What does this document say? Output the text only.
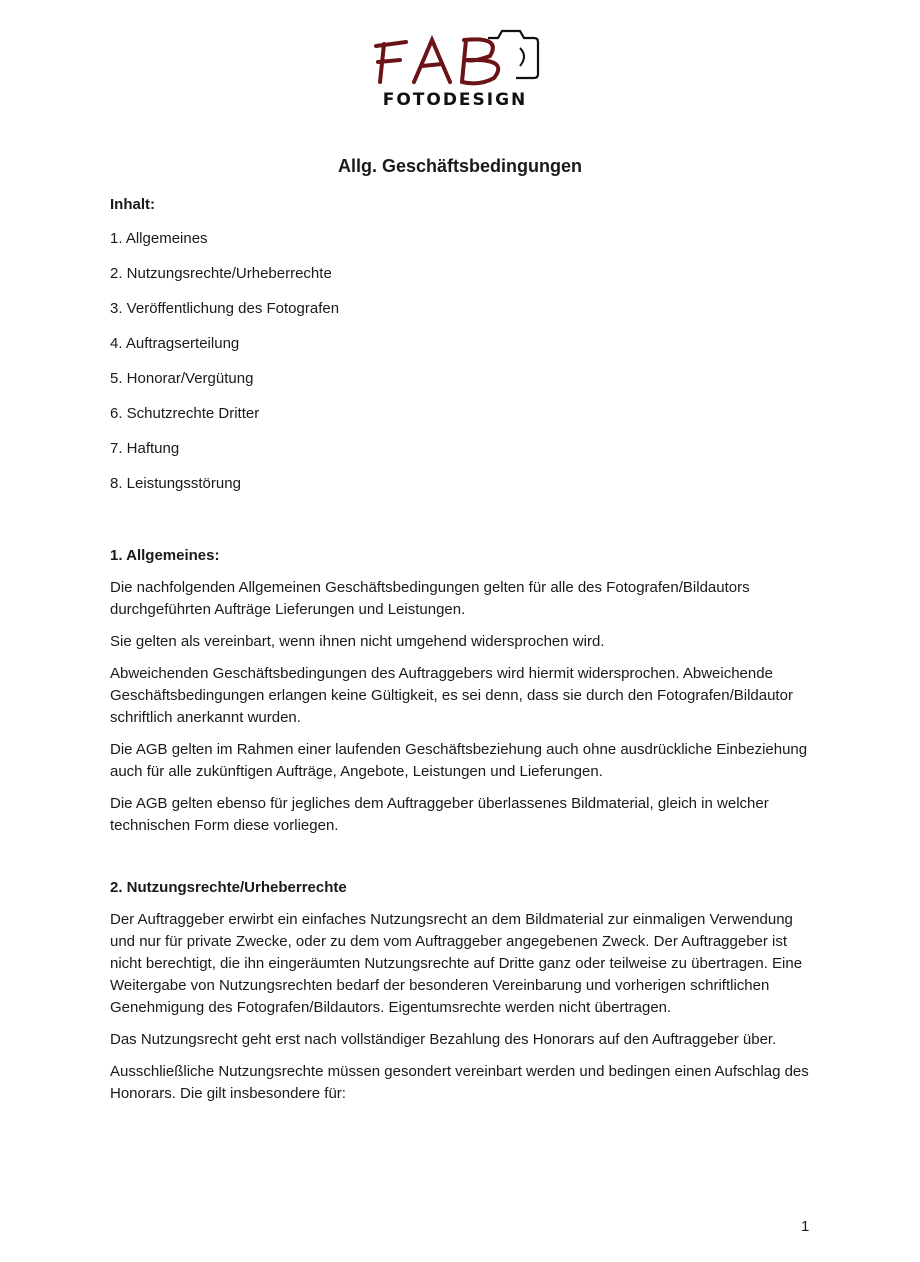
FOTODESIGN
Allg. Geschäftsbedingungen

Inhalt:

1. Allgemeines
2. Nutzungsrechte/Urheberrechte
3. Veröffentlichung des Fotografen
4. Auftragserteilung
5. Honorar/Vergütung
6. Schutzrechte Dritter
7. Haftung
8. Leistungsstörung

1. Allgemeines:

Die nachfolgenden Allgemeinen Geschäftsbedingungen gelten für alle des Fotografen/Bildautors durchgeführten Aufträge Lieferungen und Leistungen.

Sie gelten als vereinbart, wenn ihnen nicht umgehend widersprochen wird.

Abweichenden Geschäftsbedingungen des Auftraggebers wird hiermit widersprochen. Abweichende Geschäftsbedingungen erlangen keine Gültigkeit, es sei denn, dass sie durch den Fotografen/Bildautor schriftlich anerkannt wurden.

Die AGB gelten im Rahmen einer laufenden Geschäftsbeziehung auch ohne ausdrückliche Einbeziehung auch für alle zukünftigen Aufträge, Angebote, Leistungen und Lieferungen.

Die AGB gelten ebenso für jegliches dem Auftraggeber überlassenes Bildmaterial, gleich in welcher technischen Form diese vorliegen.

2. Nutzungsrechte/Urheberrechte

Der Auftraggeber erwirbt ein einfaches Nutzungsrecht an dem Bildmaterial zur einmaligen Verwendung und nur für private Zwecke, oder zu dem vom Auftraggeber angegebenen Zweck. Der Auftraggeber ist nicht berechtigt, die ihn eingeräumten Nutzungsrechte auf Dritte ganz oder teilweise zu übertragen. Eine Weitergabe von Nutzungsrechten bedarf der besonderen Vereinbarung und vorherigen schriftlichen Genehmigung des Fotografen/Bildautors. Eigentumsrechte werden nicht übertragen.

Das Nutzungsrecht geht erst nach vollständiger Bezahlung des Honorars auf den Auftraggeber über.

Ausschließliche Nutzungsrechte müssen gesondert vereinbart werden und bedingen einen Aufschlag des Honorars. Die gilt insbesondere für:

1
